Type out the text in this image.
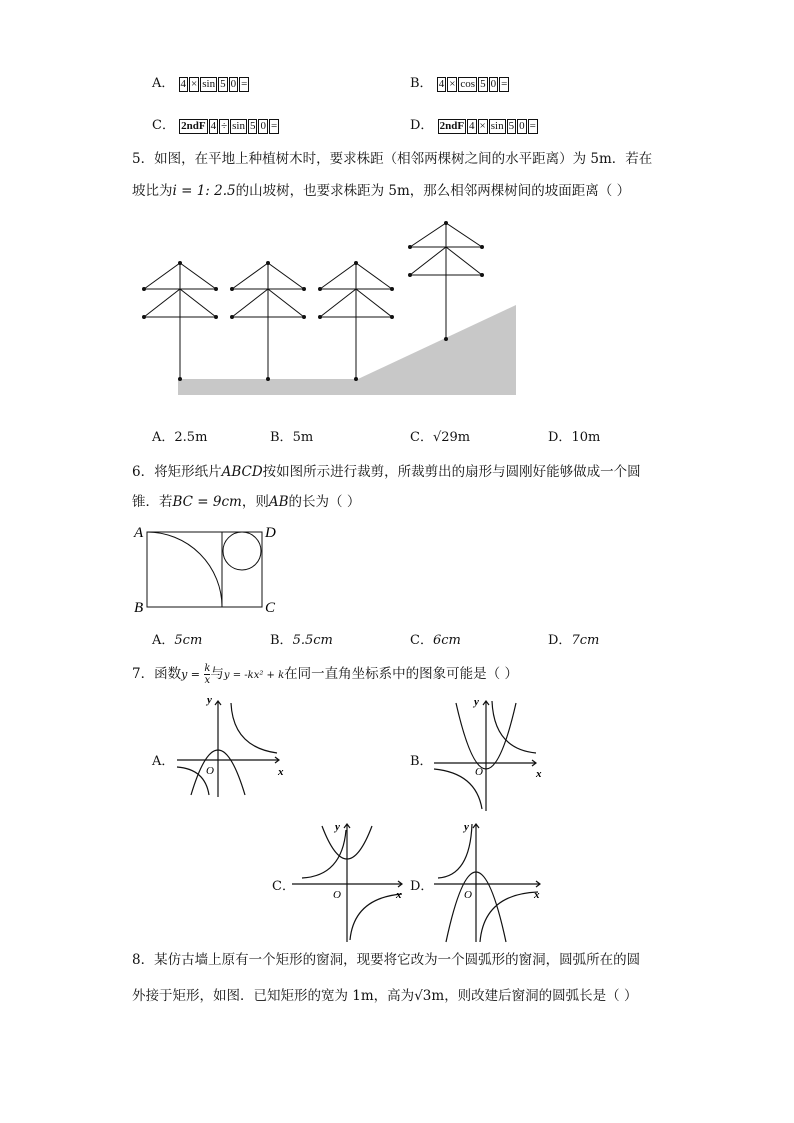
A． 4 × sin 5 0 =	B． 4 × cos 5 0 =
C． 2ndF 4 ÷ sin 5 0 =	D． 2ndF 4 × sin 5 0 =
5．如图，在平地上种植树木时，要求株距（相邻两棵树之间的水平距离）为 5m．若在
坡比为i = 1: 2.5的山坡树，也要求株距为 5m，那么相邻两棵树间的坡面距离（ ）
A．2.5m	B．5m	C．√29m	D．10m
6．将矩形纸片ABCD按如图所示进行裁剪，所裁剪出的扇形与圆刚好能够做成一个圆
锥．若BC = 9cm，则AB的长为（ ）
A
B	C
D
A．5cm	B．5.5cm	C．6cm	D．7cm
7．函数$y = \frac{k}{x}$ 与y = -kx² + k在同一直角坐标系中的图象可能是（ ）
A．
y
x
O
B．
y
x
O
C．
y
x
O
D．
y
x
O
8．某仿古墙上原有一个矩形的窗洞，现要将它改为一个圆弧形的窗洞，圆弧所在的圆
外接于矩形，如图．已知矩形的宽为 1m，高为√3m，则改建后窗洞的圆弧长是（ ）
